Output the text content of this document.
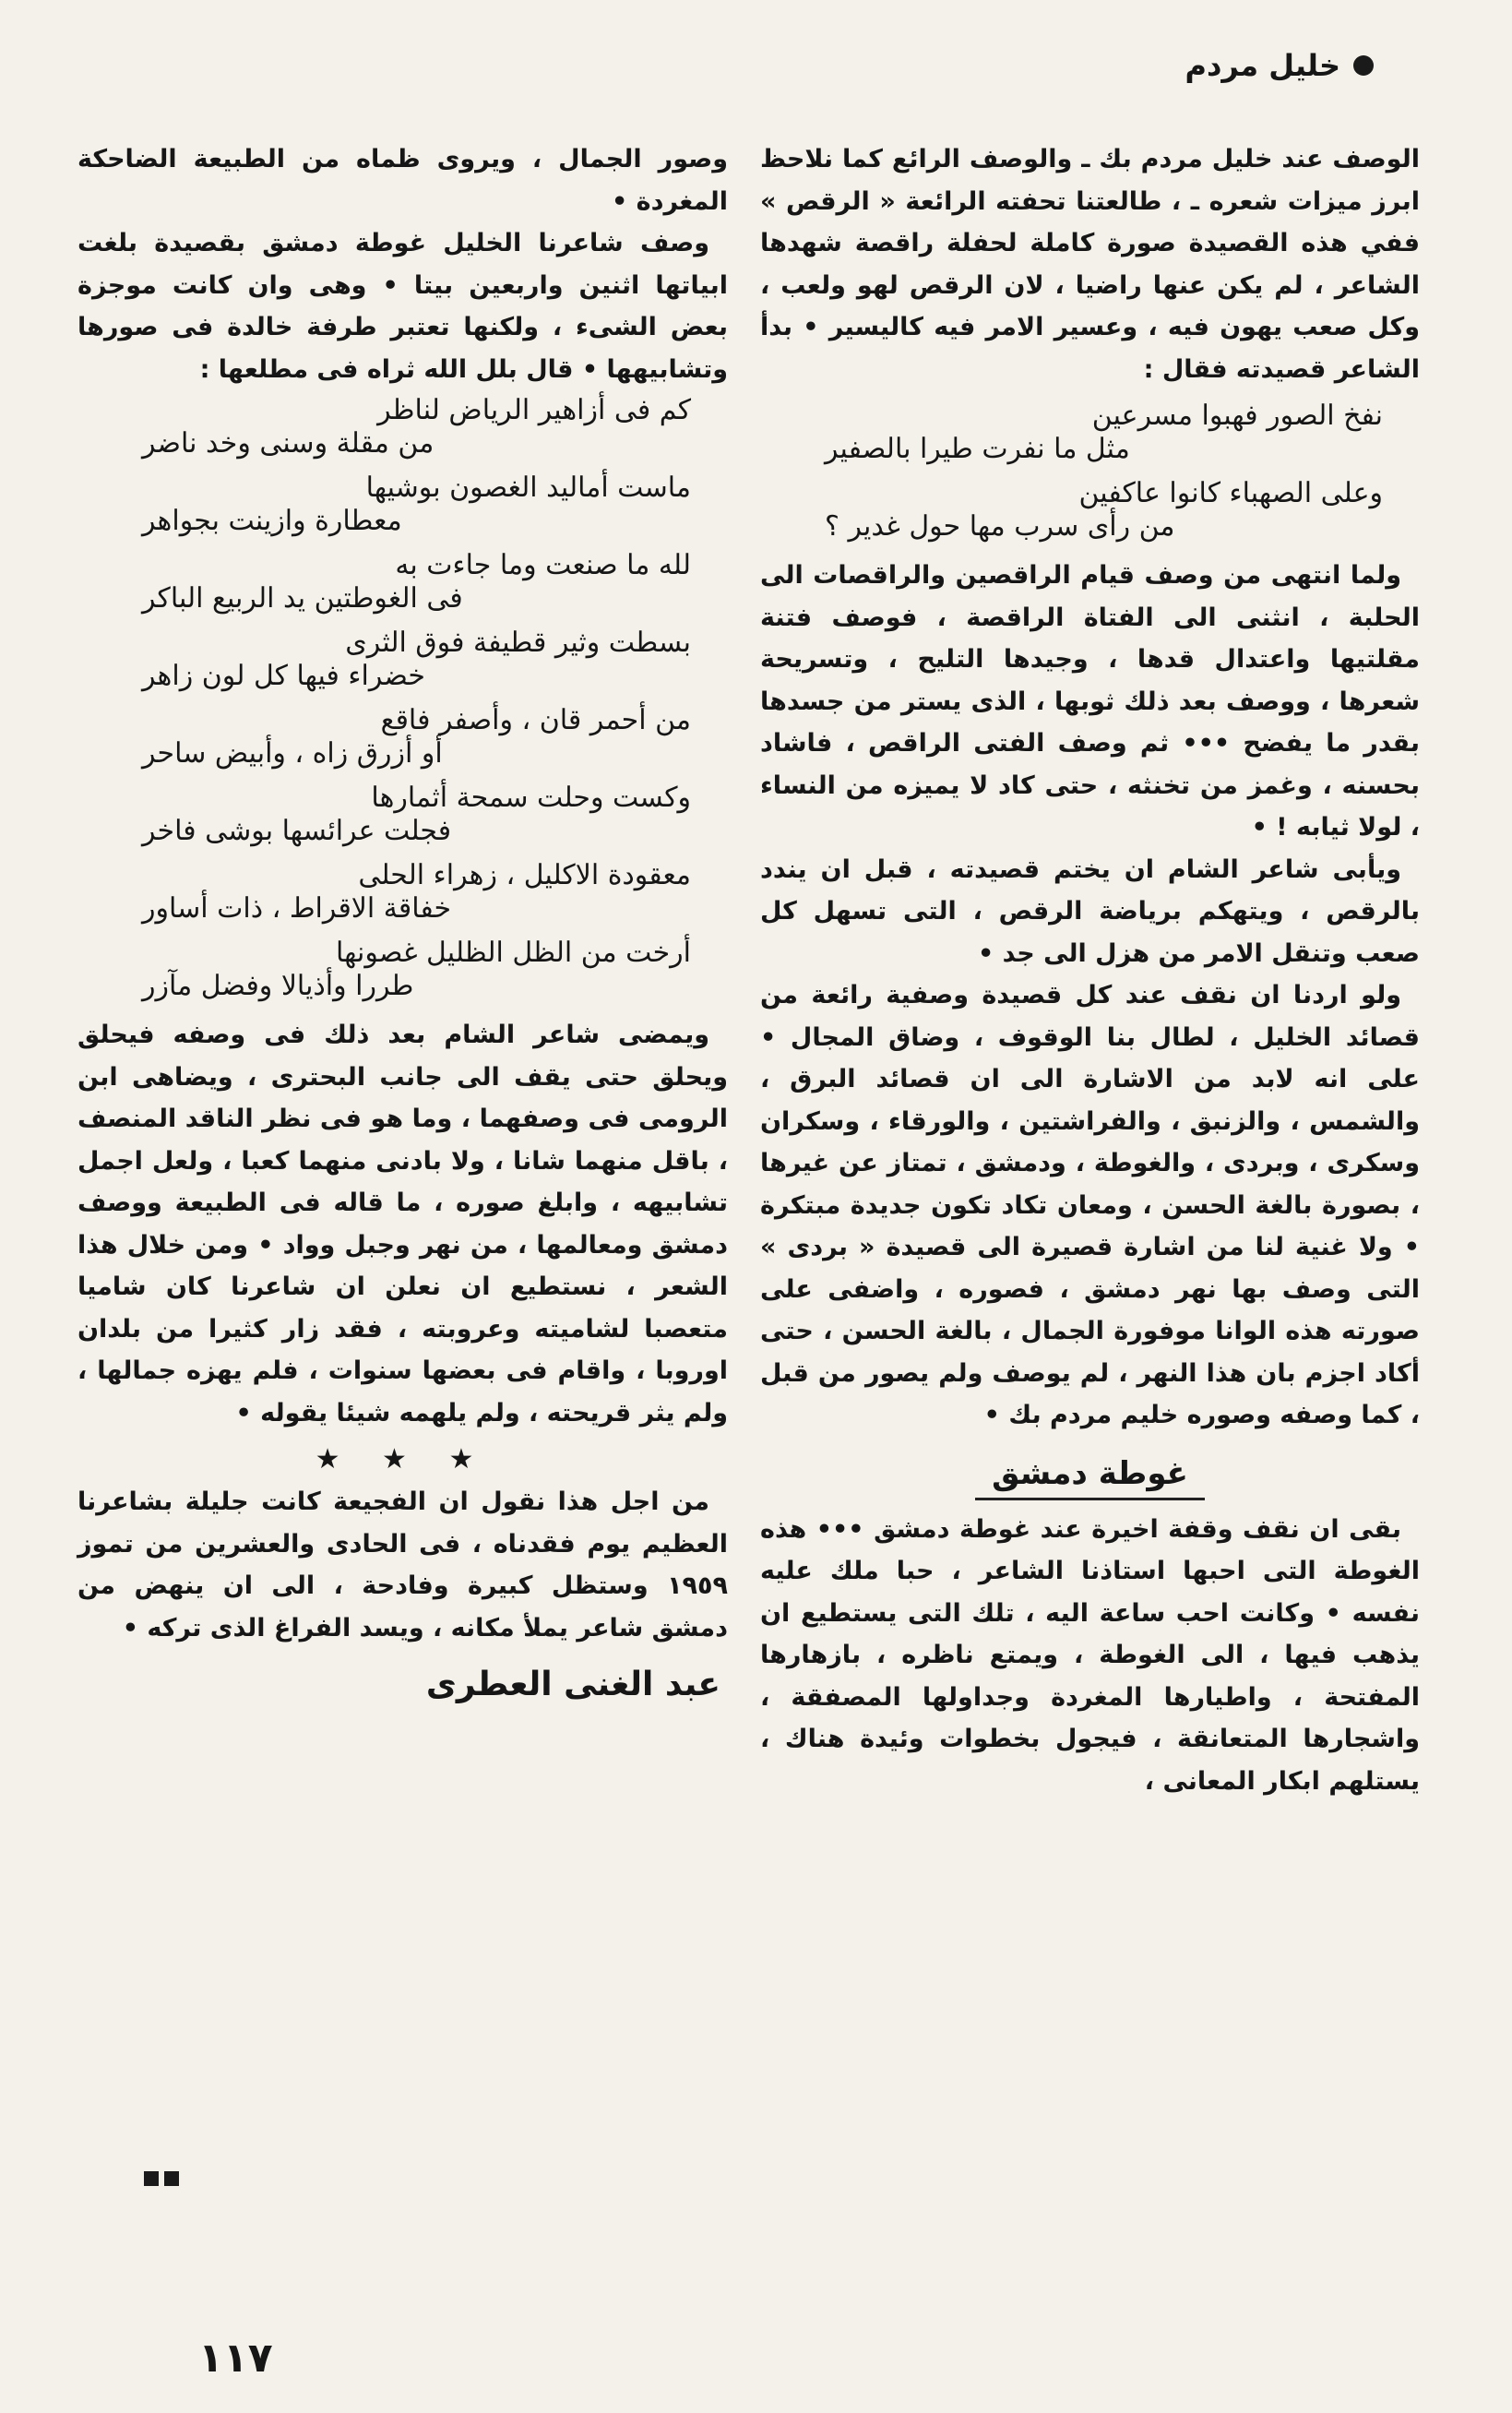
خليل مردم

الوصف عند خليل مردم بك ـ والوصف الرائع كما نلاحظ ابرز ميزات شعره ـ ، طالعتنا تحفته الرائعة « الرقص » ففي هذه القصيدة صورة كاملة لحفلة راقصة شهدها الشاعر ، لم يكن عنها راضيا ، لان الرقص لهو ولعب ، وكل صعب يهون فيه ، وعسير الامر فيه كاليسير • بدأ الشاعر قصيدته فقال :

نفخ الصور فهبوا مسرعين
مثل ما نفرت طيرا بالصفير
وعلى الصهباء كانوا عاكفين
من رأى سرب مها حول غدير ؟

ولما انتهى من وصف قيام الراقصين والراقصات الى الحلبة ، انثنى الى الفتاة الراقصة ، فوصف فتنة مقلتيها واعتدال قدها ، وجيدها التليح ، وتسريحة شعرها ، ووصف بعد ذلك ثوبها ، الذى يستر من جسدها بقدر ما يفضح ••• ثم وصف الفتى الراقص ، فاشاد بحسنه ، وغمز من تخنثه ، حتى كاد لا يميزه من النساء ، لولا ثيابه ! •

ويأبى شاعر الشام ان يختم قصيدته ، قبل ان يندد بالرقص ، ويتهكم برياضة الرقص ، التى تسهل كل صعب وتنقل الامر من هزل الى جد •

ولو اردنا ان نقف عند كل قصيدة وصفية رائعة من قصائد الخليل ، لطال بنا الوقوف ، وضاق المجال • على انه لابد من الاشارة الى ان قصائد البرق ، والشمس ، والزنبق ، والفراشتين ، والورقاء ، وسكران وسكرى ، وبردى ، والغوطة ، ودمشق ، تمتاز عن غيرها ، بصورة بالغة الحسن ، ومعان تكاد تكون جديدة مبتكرة • ولا غنية لنا من اشارة قصيرة الى قصيدة « بردى » التى وصف بها نهر دمشق ، فصوره ، واضفى على صورته هذه الوانا موفورة الجمال ، بالغة الحسن ، حتى أكاد اجزم بان هذا النهر ، لم يوصف ولم يصور من قبل ، كما وصفه وصوره خليم مردم بك •

غوطة دمشق

بقى ان نقف وقفة اخيرة عند غوطة دمشق ••• هذه الغوطة التى احبها استاذنا الشاعر ، حبا ملك عليه نفسه • وكانت احب ساعة اليه ، تلك التى يستطيع ان يذهب فيها ، الى الغوطة ، ويمتع ناظره ، بازهارها المفتحة ، واطيارها المغردة وجداولها المصفقة ، واشجارها المتعانقة ، فيجول بخطوات وئيدة هناك ، يستلهم ابكار المعانى ،

وصور الجمال ، ويروى ظماه من الطبيعة الضاحكة المغردة •

وصف شاعرنا الخليل غوطة دمشق بقصيدة بلغت ابياتها اثنين واربعين بيتا • وهى وان كانت موجزة بعض الشىء ، ولكنها تعتبر طرفة خالدة فى صورها وتشابيهها • قال بلل الله ثراه فى مطلعها :

كم فى أزاهير الرياض لناظر
من مقلة وسنى وخد ناضر
ماست أماليد الغصون بوشيها
معطارة وازينت بجواهر
لله ما صنعت وما جاءت به
فى الغوطتين يد الربيع الباكر
بسطت وثير قطيفة فوق الثرى
خضراء فيها كل لون زاهر
من أحمر قان ، وأصفر فاقع
أو أزرق زاه ، وأبيض ساحر
وكست وحلت سمحة أثمارها
فجلت عرائسها بوشى فاخر
معقودة الاكليل ، زهراء الحلى
خفاقة الاقراط ، ذات أساور
أرخت من الظل الظليل غصونها
طررا وأذيالا وفضل مآزر

ويمضى شاعر الشام بعد ذلك فى وصفه فيحلق ويحلق حتى يقف الى جانب البحترى ، ويضاهى ابن الرومى فى وصفهما ، وما هو فى نظر الناقد المنصف ، باقل منهما شانا ، ولا بادنى منهما كعبا ، ولعل اجمل تشابيهه ، وابلغ صوره ، ما قاله فى الطبيعة ووصف دمشق ومعالمها ، من نهر وجبل وواد • ومن خلال هذا الشعر ، نستطيع ان نعلن ان شاعرنا كان شاميا متعصبا لشاميته وعروبته ، فقد زار كثيرا من بلدان اوروبا ، واقام فى بعضها سنوات ، فلم يهزه جمالها ، ولم يثر قريحته ، ولم يلهمه شيئا يقوله •

★ ★ ★

من اجل هذا نقول ان الفجيعة كانت جليلة بشاعرنا العظيم يوم فقدناه ، فى الحادى والعشرين من تموز ١٩٥٩ وستظل كبيرة وفادحة ، الى ان ينهض من دمشق شاعر يملأ مكانه ، ويسد الفراغ الذى تركه •

عبد الغنى العطرى
١١٧
